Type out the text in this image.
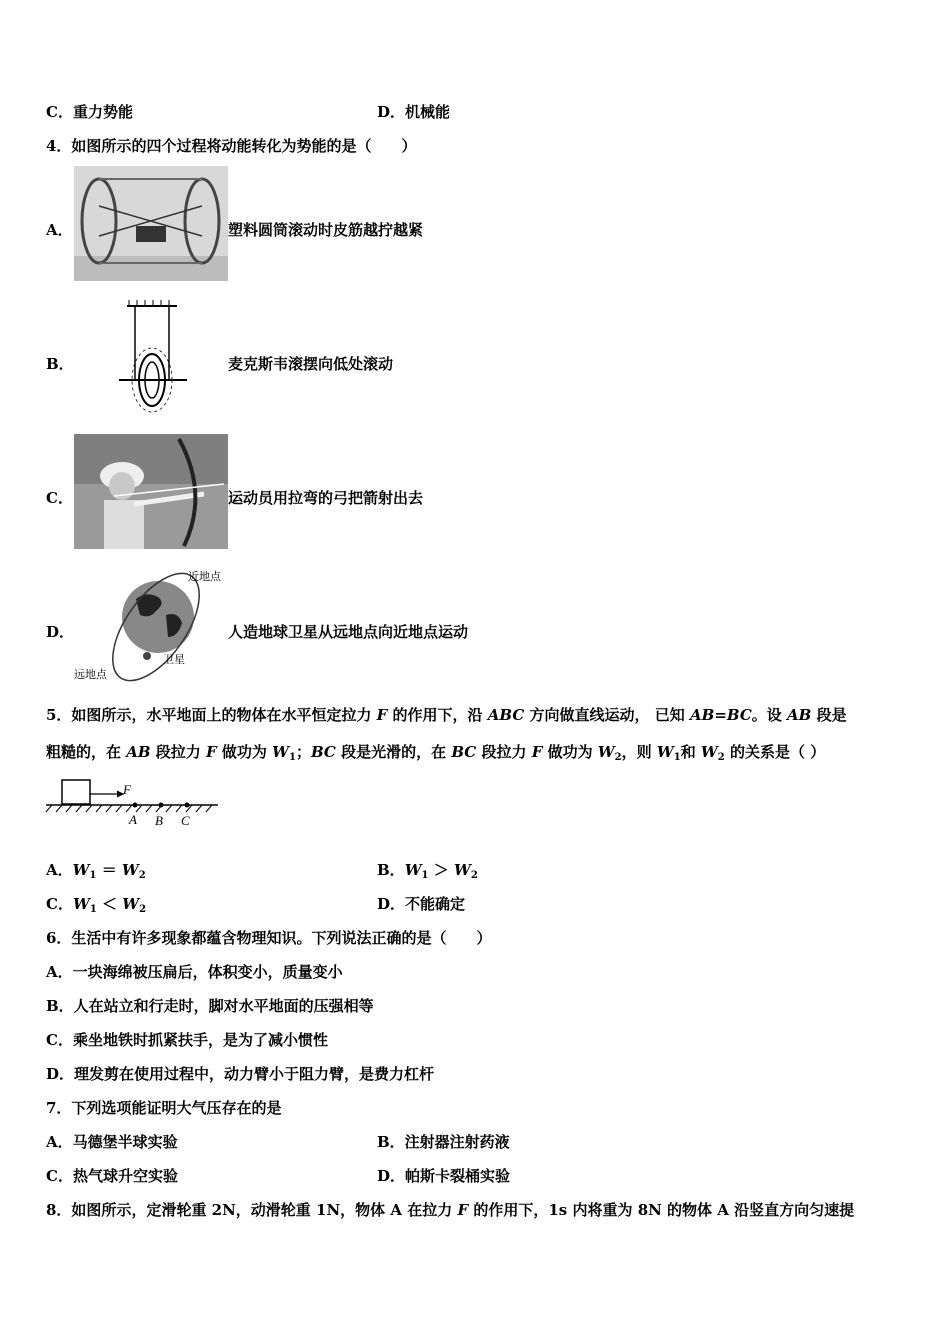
C．重力势能	D．机械能
4．如图所示的四个过程将动能转化为势能的是（　　）
A．	塑料圆筒滚动时皮筋越拧越紧
B．	麦克斯韦滚摆向低处滚动
C．	运动员用拉弯的弓把箭射出去
D．
近地点
远地点
卫星
人造地球卫星从远地点向近地点运动
5．如图所示，水平地面上的物体在水平恒定拉力 F 的作用下，沿 ABC 方向做直线运动， 已知 AB=BC。设 AB 段是
粗糙的，在 AB 段拉力 F 做功为 $W_1$；BC 段是光滑的，在 BC 段拉力 F 做功为 $W_2$，则 $W_1$和 $W_2$ 的关系是（ ）
F
A B C
A．$W_1 = W_2$	B．$W_1 > W_2$
C．$W_1 < W_2$	D．不能确定
6．生活中有许多现象都蕴含物理知识。下列说法正确的是（　　）
A．一块海绵被压扁后，体积变小，质量变小
B．人在站立和行走时，脚对水平地面的压强相等
C．乘坐地铁时抓紧扶手，是为了减小惯性
D．理发剪在使用过程中，动力臂小于阻力臂，是费力杠杆
7．下列选项能证明大气压存在的是
A．马德堡半球实验	B．注射器注射药液
C．热气球升空实验	D．帕斯卡裂桶实验
8．如图所示，定滑轮重 2N，动滑轮重 1N，物体 A 在拉力 F 的作用下，1s 内将重为 8N 的物体 A 沿竖直方向匀速提
